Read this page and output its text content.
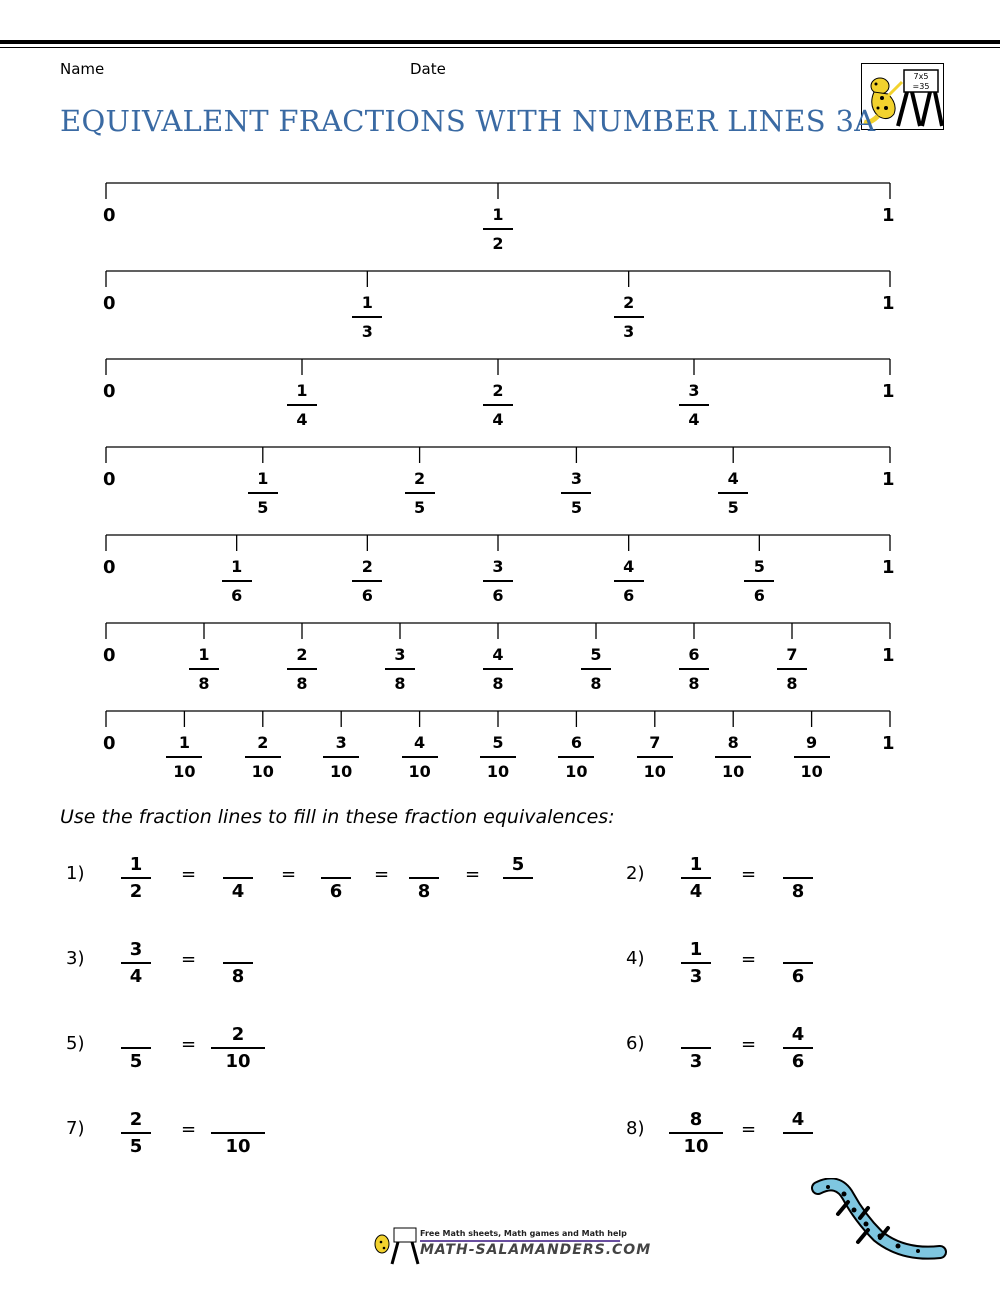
Name	Date	7x5
=35
EQUIVALENT FRACTIONS WITH NUMBER LINES 3A
0	1
1
2
0	1
1
3
2
3
0	1
1
4
2
4
3
4
0	1
1
5
2
5
3
5
4
5
0	1
1
6
2
6
3
6
4
6
5
6
0	1
1
8
2
8
3
8
4
8
5
8
6
8
7
8
0	1
1
10
2
10
3
10
4
10
5
10
6
10
7
10
8
10
9
10
Use the fraction lines to fill in these fraction equivalences:
1)	1
2
=
4
=
6
=
8
= 5	2)	1
4
=
8
3)	3
4
=
8
4)	1
3
=
6
5)
5
= 2
10
6)
3
= 4
6
7)	2
5
=
10
8)	8
10
= 4
Free Math sheets, Math games and Math help
MATH-SALAMANDERS.COM
